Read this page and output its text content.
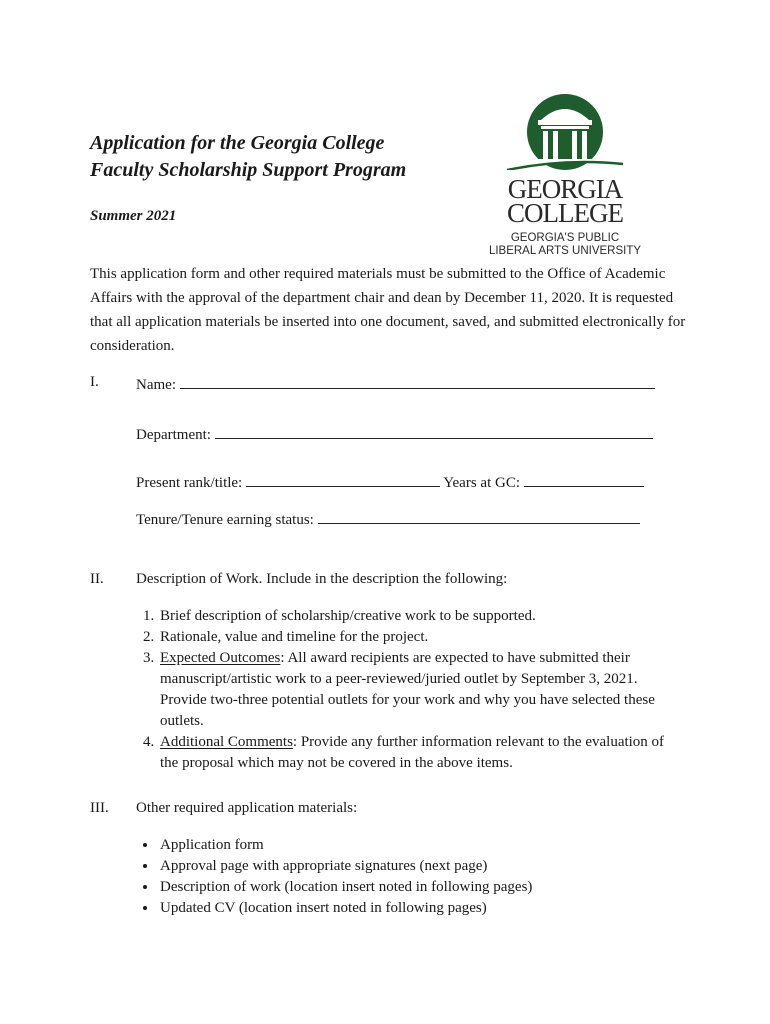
Application for the Georgia College
Faculty Scholarship Support Program

Summer 2021

GEORGIA
COLLEGE
GEORGIA'S PUBLIC
LIBERAL ARTS UNIVERSITY

This application form and other required materials must be submitted to the Office of Academic Affairs with the approval of the department chair and dean by December 11, 2020. It is requested that all application materials be inserted into one document, saved, and submitted electronically for consideration.

I. Name:
Department:
Present rank/title:	Years at GC:
Tenure/Tenure earning status:
II. Description of Work. Include in the description the following:
1. Brief description of scholarship/creative work to be supported.
2. Rationale, value and timeline for the project.
3. Expected Outcomes: All award recipients are expected to have submitted their manuscript/artistic work to a peer-reviewed/juried outlet by September 3, 2021. Provide two-three potential outlets for your work and why you have selected these outlets.
4. Additional Comments: Provide any further information relevant to the evaluation of the proposal which may not be covered in the above items.
III. Other required application materials:
• Application form
• Approval page with appropriate signatures (next page)
• Description of work (location insert noted in following pages)
• Updated CV (location insert noted in following pages)
